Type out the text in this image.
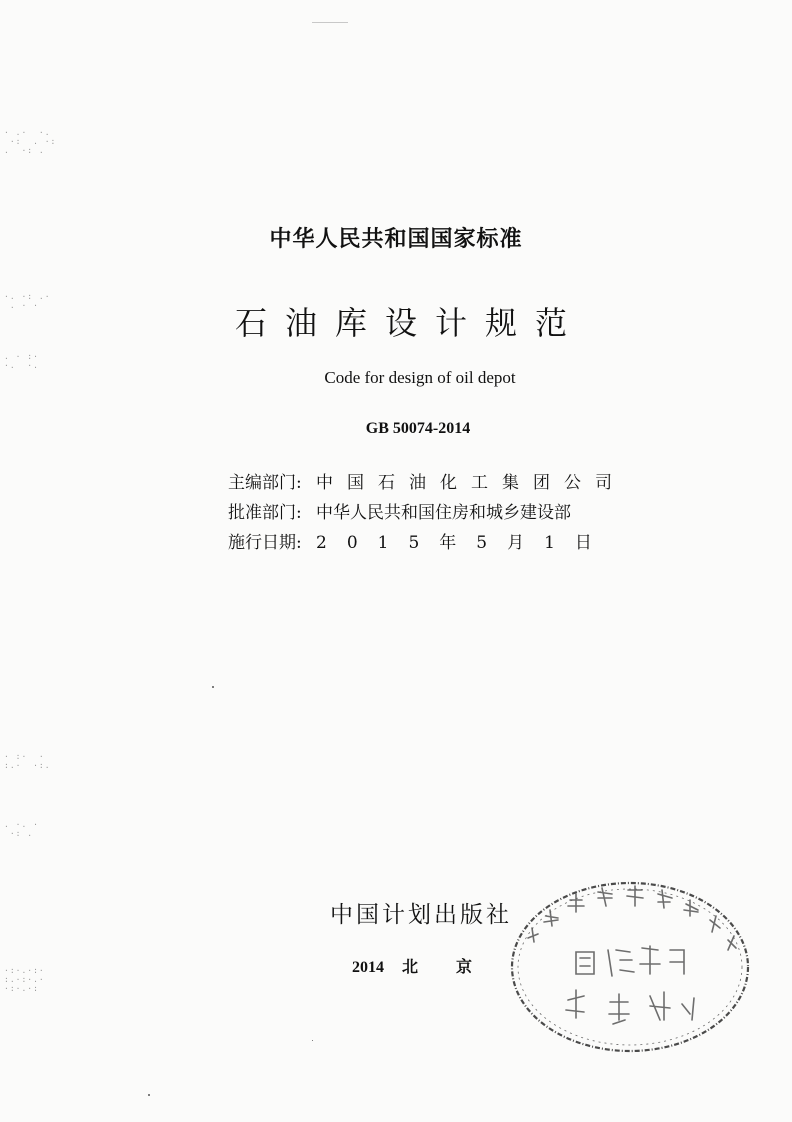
· .·  ·.
·:  . ·:
.  ·: .
·. ·: .·
. · ·
. · :·
·.  ·.
· :·  ·
:.·  ·:.
. ·. ·
·: .
·:·.·:·
:.·:·.·
·:·.·:
中华人民共和国国家标准
石油库设计规范
Code for design of oil depot
GB 50074-2014
主编部门: 中国石油化工集团公司
批准部门: 中华人民共和国住房和城乡建设部
施行日期: 2015年5月1日
中国计划出版社
2014 北京
